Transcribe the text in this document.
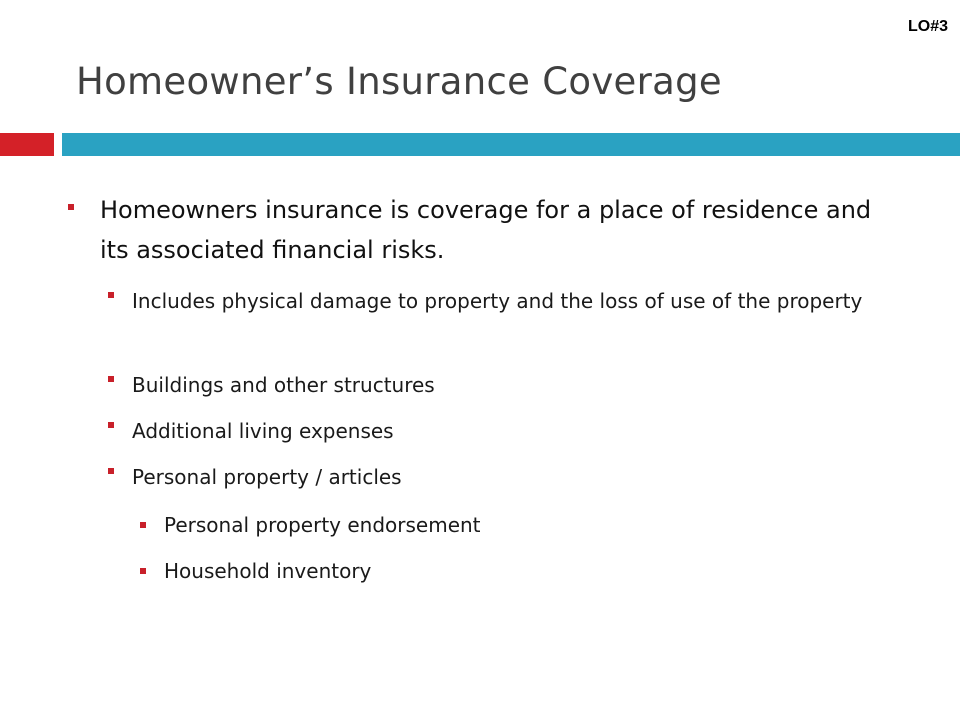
LO#3
Homeowner’s Insurance Coverage
Homeowners insurance is coverage for a place of residence and its associated financial risks.
Includes physical damage to property and the loss of use of the property
Buildings and other structures
Additional living expenses
Personal property / articles
Personal property endorsement
Household inventory
